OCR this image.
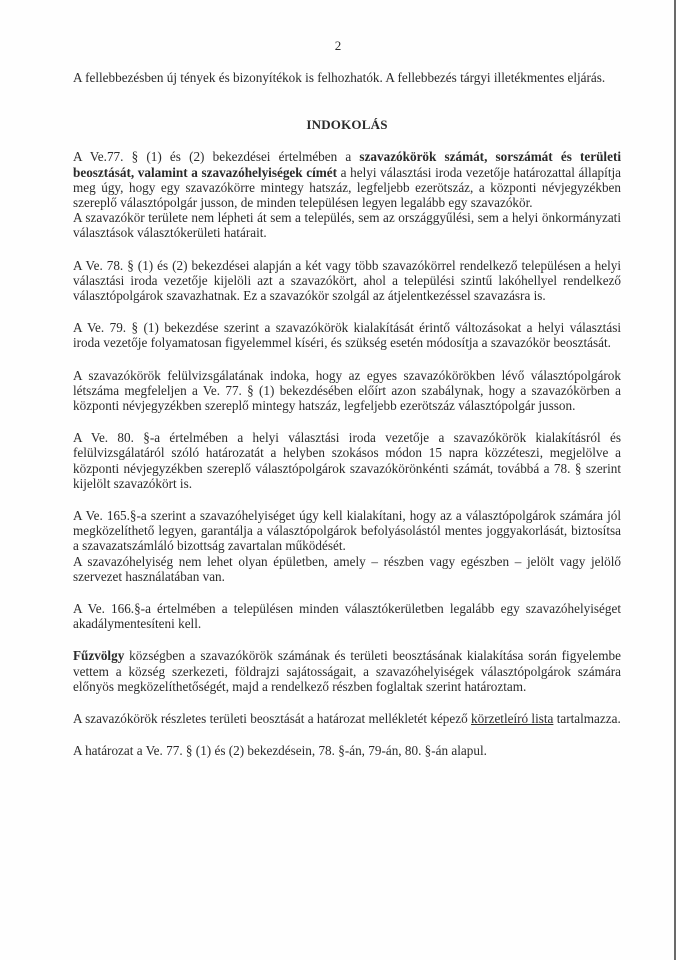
2

A fellebbezésben új tények és bizonyítékok is felhozhatók. A fellebbezés tárgyi illetékmentes eljárás.

INDOKOLÁS

A Ve.77. § (1) és (2) bekezdései értelmében a szavazókörök számát, sorszámát és területi beosztását, valamint a szavazóhelyiségek címét a helyi választási iroda vezetője határozattal állapítja meg úgy, hogy egy szavazókörre mintegy hatszáz, legfeljebb ezerötszáz, a központi névjegyzékben szereplő választópolgár jusson, de minden településen legyen legalább egy szavazókör.

A szavazókör területe nem lépheti át sem a település, sem az országgyűlési, sem a helyi önkormányzati választások választókerületi határait.

A Ve. 78. § (1) és (2) bekezdései alapján a két vagy több szavazókörrel rendelkező településen a helyi választási iroda vezetője kijelöli azt a szavazókört, ahol a települési szintű lakóhellyel rendelkező választópolgárok szavazhatnak. Ez a szavazókör szolgál az átjelentkezéssel szavazásra is.

A Ve. 79. § (1) bekezdése szerint a szavazókörök kialakítását érintő változásokat a helyi választási iroda vezetője folyamatosan figyelemmel kíséri, és szükség esetén módosítja a szavazókör beosztását.

A szavazókörök felülvizsgálatának indoka, hogy az egyes szavazókörökben lévő választópolgárok létszáma megfeleljen a Ve. 77. § (1) bekezdésében előírt azon szabálynak, hogy a szavazókörben a központi névjegyzékben szereplő mintegy hatszáz, legfeljebb ezerötszáz választópolgár jusson.

A Ve. 80. §-a értelmében a helyi választási iroda vezetője a szavazókörök kialakításról és felülvizsgálatáról szóló határozatát a helyben szokásos módon 15 napra közzéteszi, megjelölve a központi névjegyzékben szereplő választópolgárok szavazókörönkénti számát, továbbá a 78. § szerint kijelölt szavazókört is.

A Ve. 165.§-a szerint a szavazóhelyiséget úgy kell kialakítani, hogy az a választópolgárok számára jól megközelíthető legyen, garantálja a választópolgárok befolyásolástól mentes joggyakorlását, biztosítsa a szavazatszámláló bizottság zavartalan működését.

A szavazóhelyiség nem lehet olyan épületben, amely – részben vagy egészben – jelölt vagy jelölő szervezet használatában van.

A Ve. 166.§-a értelmében a településen minden választókerületben legalább egy szavazóhelyiséget akadálymentesíteni kell.

Fűzvölgy községben a szavazókörök számának és területi beosztásának kialakítása során figyelembe vettem a község szerkezeti, földrajzi sajátosságait, a szavazóhelyiségek választópolgárok számára előnyös megközelíthetőségét, majd a rendelkező részben foglaltak szerint határoztam.

A szavazókörök részletes területi beosztását a határozat mellékletét képező körzetleíró lista tartalmazza.

A határozat a Ve. 77. § (1) és (2) bekezdésein, 78. §-án, 79-án, 80. §-án alapul.
